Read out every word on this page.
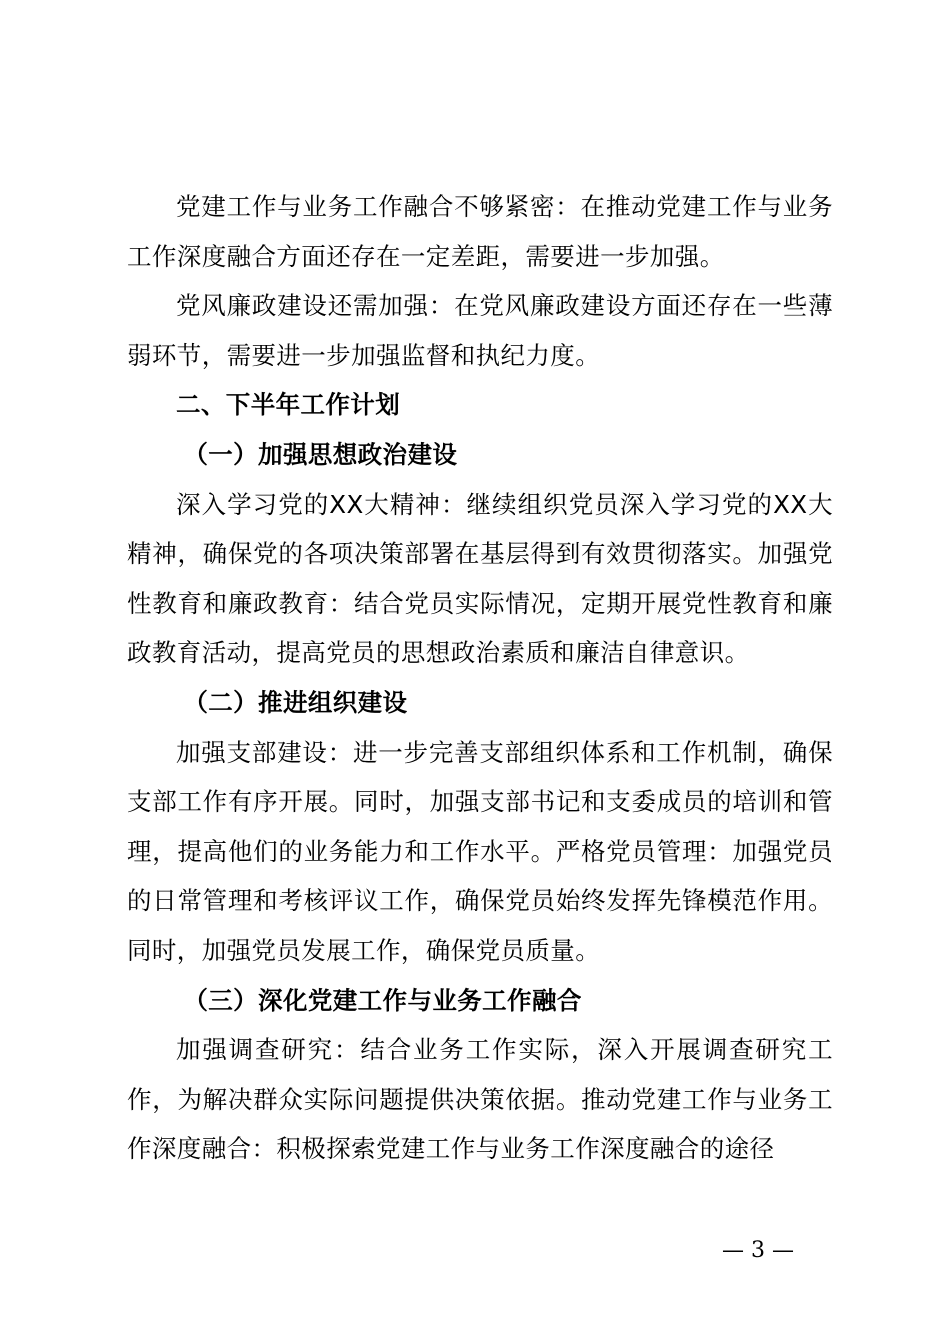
党建工作与业务工作融合不够紧密：在推动党建工作与业务工作深度融合方面还存在一定差距，需要进一步加强。

党风廉政建设还需加强：在党风廉政建设方面还存在一些薄弱环节，需要进一步加强监督和执纪力度。

二、下半年工作计划

（一）加强思想政治建设

深入学习党的XX大精神：继续组织党员深入学习党的XX大精神，确保党的各项决策部署在基层得到有效贯彻落实。加强党性教育和廉政教育：结合党员实际情况，定期开展党性教育和廉政教育活动，提高党员的思想政治素质和廉洁自律意识。

（二）推进组织建设

加强支部建设：进一步完善支部组织体系和工作机制，确保支部工作有序开展。同时，加强支部书记和支委成员的培训和管理，提高他们的业务能力和工作水平。严格党员管理：加强党员的日常管理和考核评议工作，确保党员始终发挥先锋模范作用。同时，加强党员发展工作，确保党员质量。

（三）深化党建工作与业务工作融合

加强调查研究：结合业务工作实际，深入开展调查研究工作，为解决群众实际问题提供决策依据。推动党建工作与业务工作深度融合：积极探索党建工作与业务工作深度融合的途径

— 3 —
